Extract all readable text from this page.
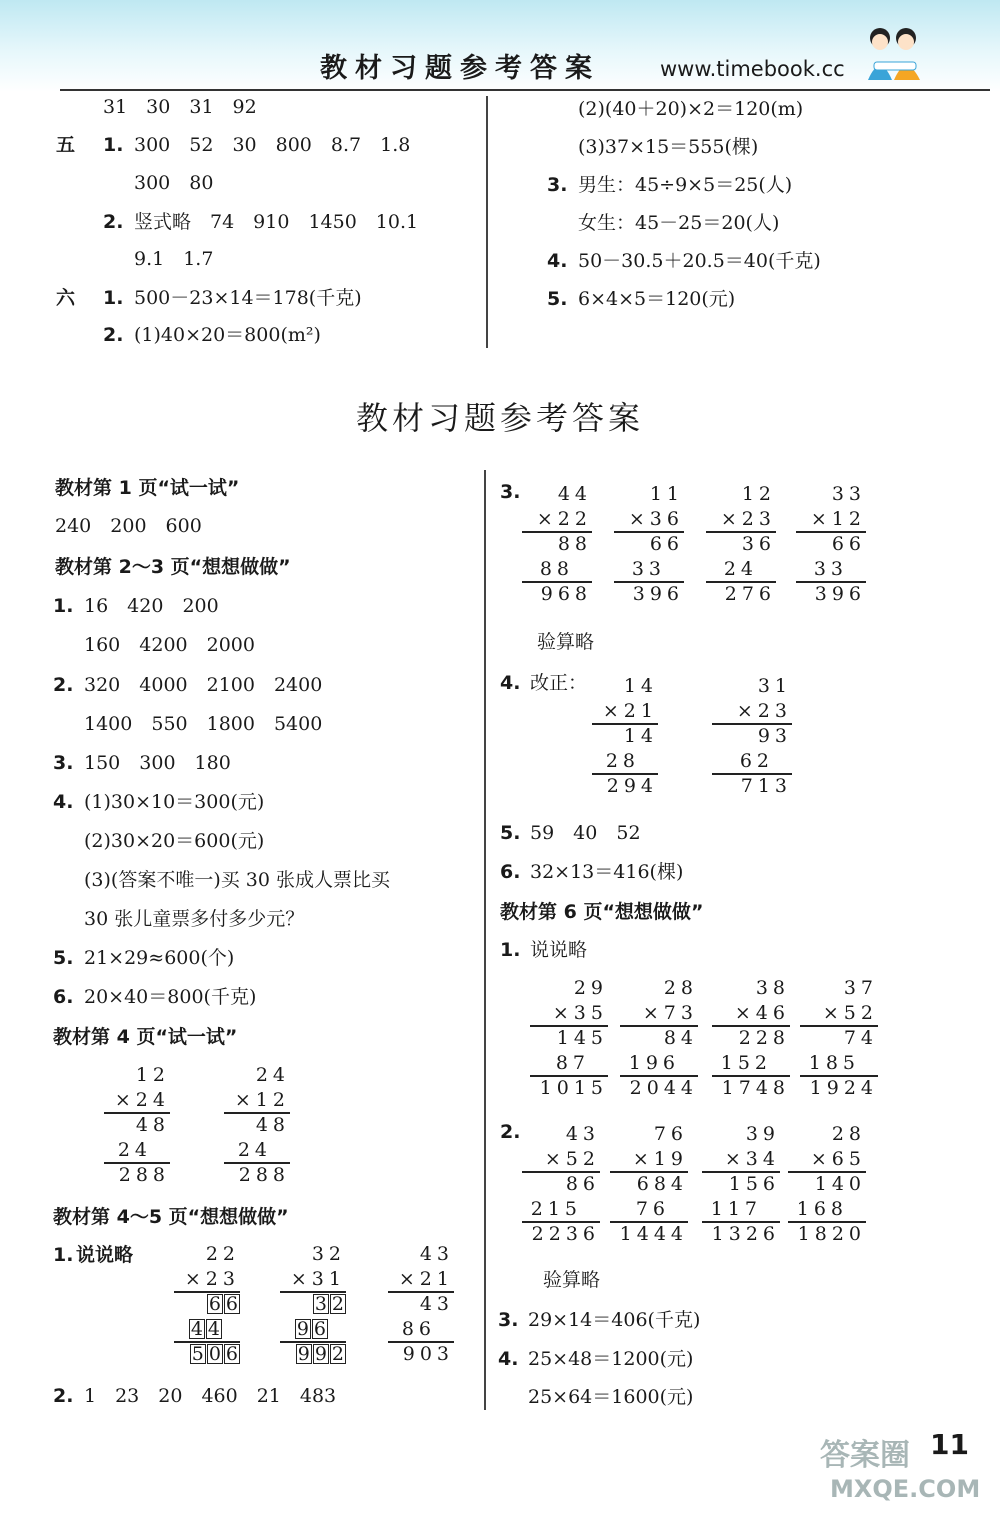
教材习题参考答案	www.timebook.cc
31　30　31　92
五 1. 300　52　30　800　8.7　1.8
300　80
2. 竖式略　74　910　1450　10.1
9.1　1.7
六 1. 500－23×14＝178(千克)
2. (1)40×20＝800(m²)
(2)(40＋20)×2＝120(m)
(3)37×15＝555(棵)
3. 男生：45÷9×5＝25(人)
女生：45－25＝20(人)
4. 50－30.5＋20.5＝40(千克)
5. 6×4×5＝120(元)
教材习题参考答案
教材第 1 页“试一试”
240　200　600
教材第 2～3 页“想想做做”
1. 16　420　200
160　4200　2000
2. 320　4000　2100　2400
1400　550　1800　5400
3. 150　300　180
4. (1)30×10＝300(元)
(2)30×20＝600(元)
(3)(答案不唯一)买 30 张成人票比买
30 张儿童票多付多少元？
5. 21×29≈600(个)
6. 20×40＝800(千克)
教材第 4 页“试一试”
教材第 4～5 页“想想做做”
1. 说说略
2. 1　23　20　460　21　483
3.
验算略
4. 改正：
5. 59　40　52
6. 32×13＝416(棵)
教材第 6 页“想想做做”
1. 说说略
2.
验算略
3. 29×14＝406(千克)
4. 25×48＝1200(元)
25×64＝1600(元)
12
×24
48
24
288
24
×12
48
24
288
22
×23
6 6
4 4
5 0 6
32
×31
3 2
9 6
9 9 2
43
×21
43
86
903
44
×22
88
88
968
11
×36
66
33
396
12
×23
36
24
276
33
×12
66
33
396
14
×21
14
28
294
31
×23
93
62
713
29
×35
145
87
1015
28
×73
84
196
2044
38
×46
228
152
1748
37
×52
74
185
1924
43
×52
86
215
2236
76
×19
684
76
1444
39
×34
156
117
1326
28
×65
140
168
1820
11
答案圈
MXQE.COM
